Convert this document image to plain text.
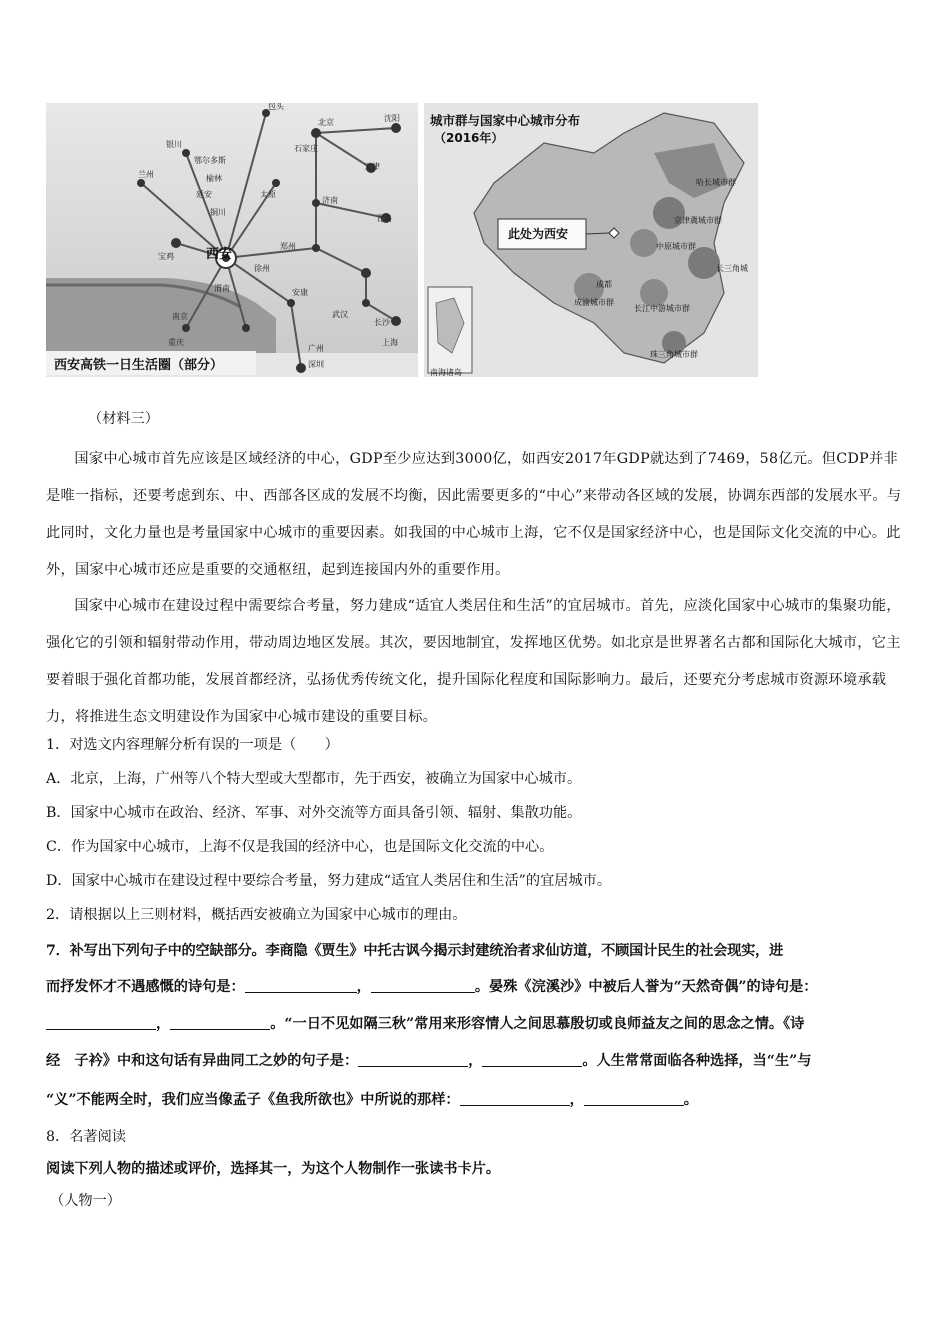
西安
西安高铁一日生活圈（部分）
包头
北京	沈阳
银川
鄂尔多斯
石家庄
天津
榆林
兰州
延安	太原
济南
青岛
铜川
宝鸡
郑州
徐州
渭南	安康
武汉
南京
长沙
重庆	上海
广州
深圳
城市群与国家中心城市分布
（2016年）
此处为西安
哈长城市群
京津冀城市群
中原城市群
长三角城
成都
成渝城市群
长江中游城市群
珠三角城市群
南海诸岛
（材料三）
国家中心城市首先应该是区域经济的中心，GDP至少应达到3000亿，如西安2017年GDP就达到了7469，58亿元。但CDP并非是唯一指标，还要考虑到东、中、西部各区成的发展不均衡，因此需要更多的“中心”来带动各区域的发展，协调东西部的发展水平。与此同时，文化力量也是考量国家中心城市的重要因素。如我国的中心城市上海，它不仅是国家经济中心，也是国际文化交流的中心。此外，国家中心城市还应是重要的交通枢纽，起到连接国内外的重要作用。
国家中心城市在建设过程中需要综合考量，努力建成“适宜人类居住和生活”的宜居城市。首先，应淡化国家中心城市的集聚功能，强化它的引领和辐射带动作用，带动周边地区发展。其次，要因地制宜，发挥地区优势。如北京是世界著名古都和国际化大城市，它主要着眼于强化首都功能，发展首都经济，弘扬优秀传统文化，提升国际化程度和国际影响力。最后，还要充分考虑城市资源环境承载力，将推进生态文明建设作为国家中心城市建设的重要目标。
1．对选文内容理解分析有误的一项是（　　）
A．北京，上海，广州等八个特大型或大型都市，先于西安，被确立为国家中心城市。
B．国家中心城市在政治、经济、军事、对外交流等方面具备引领、辐射、集散功能。
C．作为国家中心城市，上海不仅是我国的经济中心，也是国际文化交流的中心。
D．国家中心城市在建设过程中要综合考量，努力建成“适宜人类居住和生活”的宜居城市。
2．请根据以上三则材料，概括西安被确立为国家中心城市的理由。
7．补写出下列句子中的空缺部分。李商隐《贾生》中托古讽今揭示封建统治者求仙访道，不顾国计民生的社会现实，进
而抒发怀才不遇感慨的诗句是：	，	。晏殊《浣溪沙》中被后人誉为“天然奇偶”的诗句是：
，	。“一日不见如隔三秋”常用来形容情人之间思慕殷切或良师益友之间的思念之情。《诗
经　子衿》中和这句话有异曲同工之妙的句子是：	，	。人生常常面临各种选择，当“生”与
“义”不能两全时，我们应当像孟子《鱼我所欲也》中所说的那样：	，	。
8．名著阅读
阅读下列人物的描述或评价，选择其一，为这个人物制作一张读书卡片。
（人物一）
